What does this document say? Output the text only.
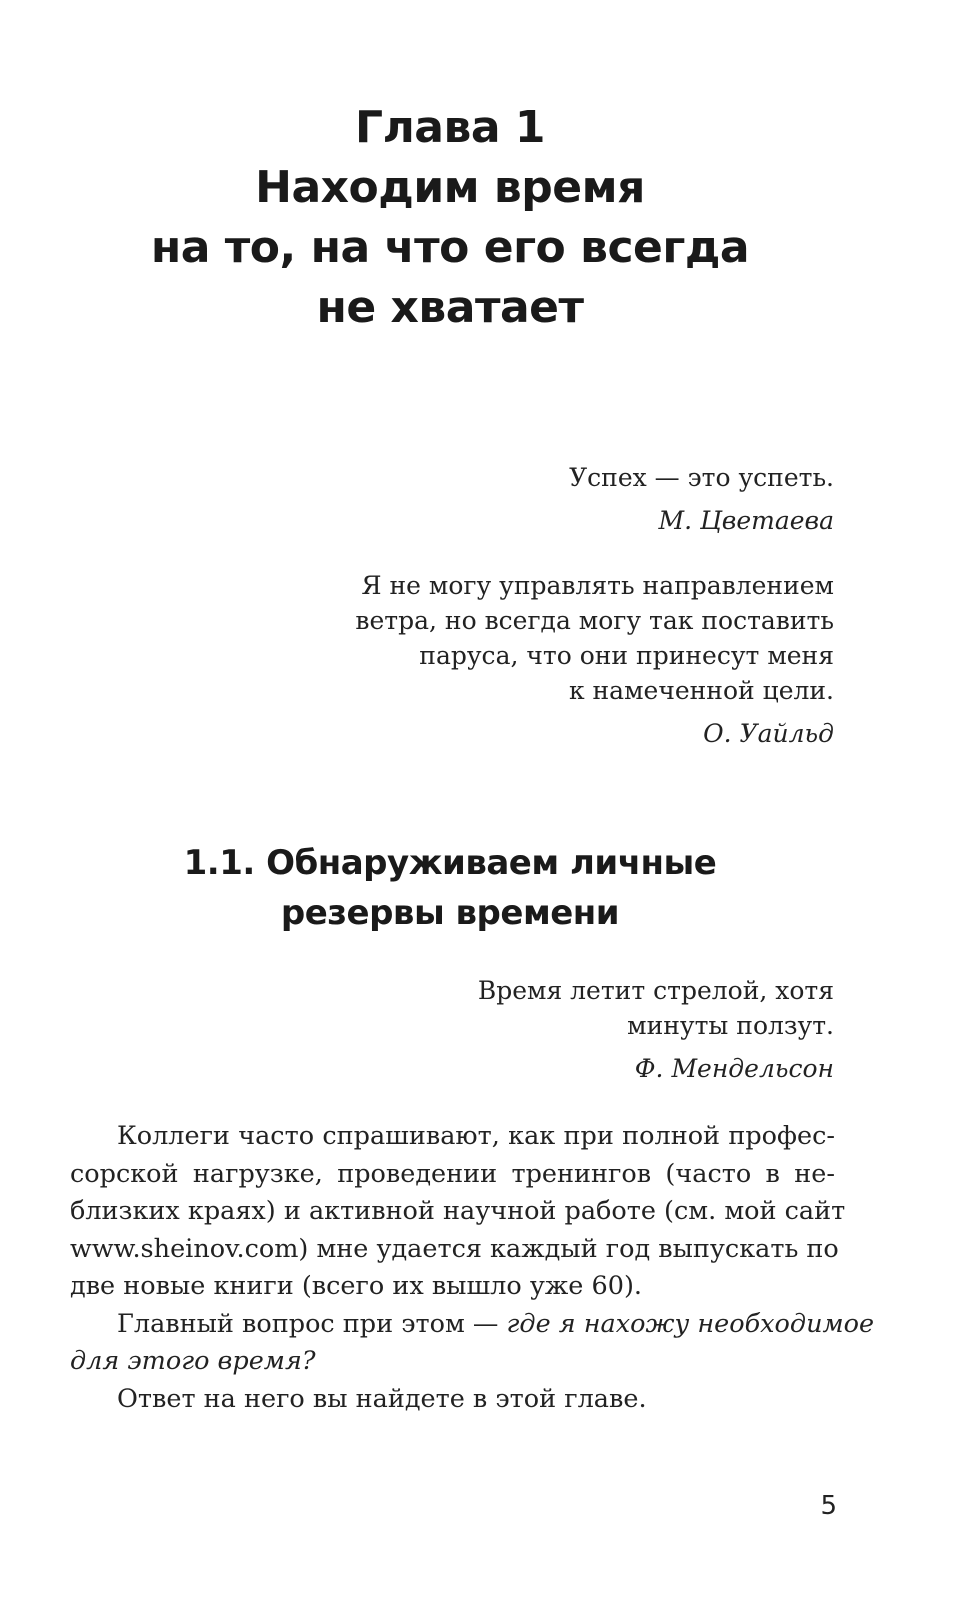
Глава 1
Находим время
на то, на что его всегда
не хватает
Успех — это успеть.
М. Цветаева
Я не могу управлять направлением
ветра, но всегда могу так поставить
паруса, что они принесут меня
к намеченной цели.
О. Уайльд
1.1. Обнаруживаем личные
резервы времени
Время летит стрелой, хотя
минуты ползут.
Ф. Мендельсон
Коллеги часто спрашивают, как при полной профес-
сорской нагрузке, проведении тренингов (часто в не-
близких краях) и активной научной работе (см. мой сайт
www.sheinov.com) мне удается каждый год выпускать по
две новые книги (всего их вышло уже 60).
Главный вопрос при этом — где я нахожу необходимое
для этого время?
Ответ на него вы найдете в этой главе.
5
